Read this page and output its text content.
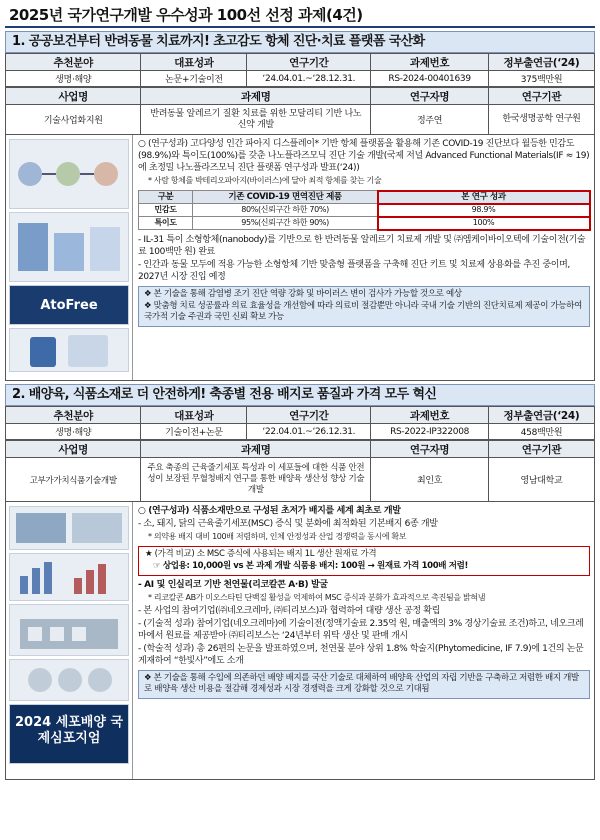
2025년 국가연구개발 우수성과 100선 선정 과제(4건)
1. 공공보건부터 반려동물 치료까지! 초고감도 항체 진단·치료 플랫폼 국산화
추천분야	대표성과	연구기간	과제번호	정부출연금(‘24)
생명·해양	논문+기술이전	‘24.04.01.~‘28.12.31.	RS-2024-00401639	375백만원
사업명	과제명	연구자명	연구기관
기술사업화지원	반려동물 알레르기 질환 치료를 위한 모달리티 기반 나노 신약 개발	정주연	한국생명공학 연구원
AtoFree

○ (연구성과) 고다양성 인간 파아지 디스플레이* 기반 항체 플랫폼을 활용해 기존 COVID-19 진단보다 월등한 민감도(98.9%)와 특이도(100%)를 갖춘 나노플라즈모닉 진단 기술 개발(국제 저널 Advanced Functional Materials(IF ≈ 19)에 초정밀 나노플라즈모닉 진단 플랫폼 연구성과 발표(‘24))

* 사람 항체를 박테리오파아지(바이러스)에 달아 최적 항체를 찾는 기술

구분	기존 COVID-19 면역진단 제품	본 연구 성과
민감도	80%(신뢰구간 하한 70%)	98.9%
특이도	95%(신뢰구간 하한 90%)	100%

- IL-31 특이 소형항체(nanobody)를 기반으로 한 반려동물 알레르기 치료제 개발 및 ㈜엠케이바이오텍에 기술이전(기술료 100백만 원) 완료

- 인간과 동물 모두에 적용 가능한 소형항체 기반 맞춤형 플랫폼을 구축해 진단 키트 및 치료제 상용화를 추진 중이며, 2027년 시장 진입 예정

❖ 본 기술을 통해 감염병 조기 진단 역량 강화 및 바이러스 변이 검사가 가능할 것으로 예상

❖ 맞춤형 치료 성공률과 의료 효율성을 개선함에 따라 의료비 절감뿐만 아니라 국내 기술 기반의 진단치료제 제공이 가능하여 국가적 기술 주권과 국민 신뢰 확보 가능

2. 배양육, 식품소재로 더 안전하게! 축종별 전용 배지로 품질과 가격 모두 혁신
추천분야	대표성과	연구기간	과제번호	정부출연금(‘24)
생명·해양	기술이전+논문	‘22.04.01.~‘26.12.31.	RS-2022-IP322008	458백만원
사업명	과제명	연구자명	연구기관
고부가가치식품기술개발	주요 축종의 근육줄기세포 특성과 이 세포들에 대한 식품 안전성이 보장된 무혈청배지 연구를 통한 배양육 생산성 향상 기술 개발	최인호	영남대학교
2024 세포배양 국제심포지엄

○ (연구성과) 식품소재만으로 구성된 초저가 배지를 세계 최초로 개발

- 소, 돼지, 닭의 근육줄기세포(MSC) 증식 및 분화에 최적화된 기본배지 6종 개발

* 의약용 배지 대비 100배 저렴하며, 인체 안정성과 산업 경쟁력을 동시에 확보

★ (가격 비교) 소 MSC 증식에 사용되는 배지 1L 생산 원재료 가격

☞ 상업용: 10,000원 vs 본 과제 개발 식품용 배지: 100원 → 원재료 가격 100배 저렴!

- AI 및 인실리코 기반 천연물(리코칼콘 A·B) 발굴

* 리코칼콘 AB가 미오스타틴 단백질 활성을 억제하여 MSC 증식과 분화가 효과적으로 촉진됨을 밝혀냄

- 본 사업의 참여기업(㈜네오크레마, ㈜티리보스)과 협력하여 대량 생산 공정 확립

- (기술적 성과) 참여기업(네오크레마)에 기술이전(정액기술료 2.35억 원, 매출액의 3% 경상기술료 조건)하고, 네오크레마에서 원료를 제공받아 ㈜티리보스는 ‘24년부터 위탁 생산 및 판매 개시

- (학술적 성과) 총 26편의 논문을 발표하였으며, 천연물 분야 상위 1.8% 학술지(Phytomedicine, IF 7.9)에 1건의 논문 게재하여 “한빛사”에도 소개

❖ 본 기술을 통해 수입에 의존하던 배양 배지를 국산 기술로 대체하여 배양육 산업의 자립 기반을 구축하고 저렴한 배지 개발로 배양육 생산 비용을 절감해 경제성과 시장 경쟁력을 크게 강화할 것으로 기대됨
